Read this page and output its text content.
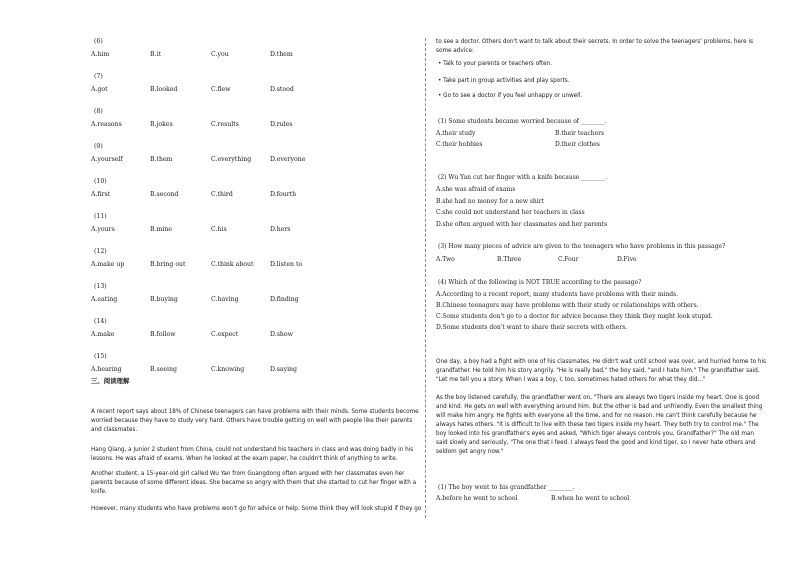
(6)
A.him	B.it	C.you	D.them
(7)
A.got	B.looked	C.flew	D.stood
(8)
A.reasons	B.jokes	C.results	D.rules
(9)
A.yourself	B.them	C.everything	D.everyone
(10)
A.first	B.second	C.third	D.fourth
(11)
A.yours	B.mine	C.his	D.hers
(12)
A.make up	B.bring out	C.think about	D.listen to
(13)
A.eating	B.buying	C.having	D.finding
(14)
A.make	B.follow	C.expect	D.show
(15)
A.hearing	B.seeing	C.knowing	D.saying
三、阅读理解
A recent report says about 18% of Chinese teenagers can have problems with their minds. Some students become worried because they have to study very hard. Others have trouble getting on well with people like their parents and classmates.
Hang Qiang, a Junior 2 student from China, could not understand his teachers in class and was doing badly in his lessons. He was afraid of exams. When he looked at the exam paper, he couldn't think of anything to write.
Another student, a 15-year-old girl called Wu Yan from Guangdong often argued with her classmates even her parents because of some different ideas. She became so angry with them that she started to cut her finger with a knife.
However, many students who have problems won't go for advice or help. Some think they will look stupid if they go
to see a doctor. Others don't want to talk about their secrets. In order to solve the teenagers' problems, here is some advice:
• Talk to your parents or teachers often.
• Take part in group activities and play sports.
• Go to see a doctor if you feel unhappy or unwell.
(1) Some students became worried because of ________.
A.their study	B.their teachers
C.their hobbies	D.their clothes
(2) Wu Yan cut her finger with a knife because ________.
A.she was afraid of exams
B.she had no money for a new shirt
C.she could not understand her teachers in class
D.she often argued with her classmates and her parents
(3) How many pieces of advice are given to the teenagers who have problems in this passage?
A.Two	B.Three	C.Four	D.Five
(4) Which of the following is NOT TRUE according to the passage?
A.According to a recent report, many students have problems with their minds.
B.Chinese teenagers may have problems with their study or relationships with others.
C.Some students don't go to a doctor for advice because they think they might look stupid.
D.Some students don't want to share their secrets with others.
One day, a boy had a fight with one of his classmates. He didn't wait until school was over, and hurried home to his grandfather. He told him his story angrily. "He is really bad," the boy said, "and I hate him." The grandfather said, "Let me tell you a story. When I was a boy, I, too, sometimes hated others for what they did..."
As the boy listened carefully, the grandfather went on, "There are always two tigers inside my heart. One is good and kind. He gets on well with everything around him. But the other is bad and unfriendly. Even the smallest thing will make him angry. He fights with everyone all the time, and for no reason. He can't think carefully because he always hates others. "It is difficult to live with these two tigers inside my heart. They both try to control me." The boy looked into his grandfather's eyes and asked, "Which tiger always controls you, Grandfather?" The old man said slowly and seriously, "The one that I feed. I always feed the good and kind tiger, so I never hate others and seldom get angry now."
(1) The boy went to his grandfather ________.
A.before he went to school	B.when he went to school
